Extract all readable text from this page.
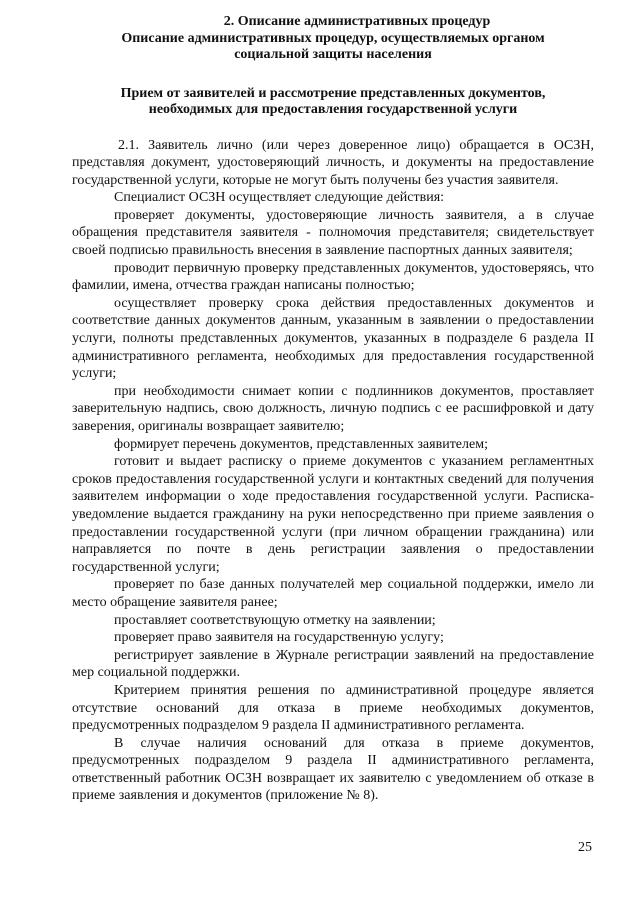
2. Описание административных процедур

Описание административных процедур, осуществляемых органом

социальной защиты населения

Прием от заявителей и рассмотрение представленных документов,

необходимых для предоставления государственной услуги

2.1. Заявитель лично (или через доверенное лицо) обращается в ОСЗН, представляя документ, удостоверяющий личность, и документы на предоставление государственной услуги, которые не могут быть получены без участия заявителя.

Специалист ОСЗН осуществляет следующие действия:

проверяет документы, удостоверяющие личность заявителя, а в случае обращения представителя заявителя - полномочия представителя; свидетельствует своей подписью правильность внесения в заявление паспортных данных заявителя;

проводит первичную проверку представленных документов, удостоверяясь, что фамилии, имена, отчества граждан написаны полностью;

осуществляет проверку срока действия предоставленных документов и соответствие данных документов данным, указанным в заявлении о предоставлении услуги, полноты представленных документов, указанных в подразделе 6 раздела II административного регламента, необходимых для предоставления государственной услуги;

при необходимости снимает копии с подлинников документов, проставляет заверительную надпись, свою должность, личную подпись с ее расшифровкой и дату заверения, оригиналы возвращает заявителю;

формирует перечень документов, представленных заявителем;

готовит и выдает расписку о приеме документов с указанием регламентных сроков предоставления государственной услуги и контактных сведений для получения заявителем информации о ходе предоставления государственной услуги. Расписка-уведомление выдается гражданину на руки непосредственно при приеме заявления о предоставлении государственной услуги (при личном обращении гражданина) или направляется по почте в день регистрации заявления о предоставлении государственной услуги;

проверяет по базе данных получателей мер социальной поддержки, имело ли место обращение заявителя ранее;

проставляет соответствующую отметку на заявлении;

проверяет право заявителя на государственную услугу;

регистрирует заявление в Журнале регистрации заявлений на предоставление мер социальной поддержки.

Критерием принятия решения по административной процедуре является отсутствие оснований для отказа в приеме необходимых документов, предусмотренных подразделом 9 раздела II административного регламента.

В случае наличия оснований для отказа в приеме документов, предусмотренных подразделом 9 раздела II административного регламента, ответственный работник ОСЗН возвращает их заявителю с уведомлением об отказе в приеме заявления и документов (приложение № 8).

25
